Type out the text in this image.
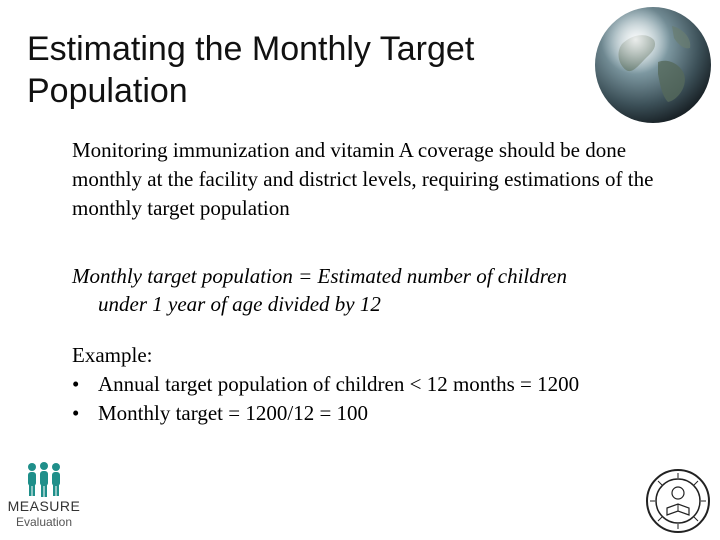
Estimating the Monthly Target Population
Monitoring immunization and vitamin A coverage should be done monthly at the facility and district levels, requiring estimations of the monthly target population
Monthly target population = Estimated number of children
under 1 year of age divided by 12
Example:
• Annual target population of children < 12 months = 1200
• Monthly target = 1200/12 = 100
MEASURE
Evaluation
